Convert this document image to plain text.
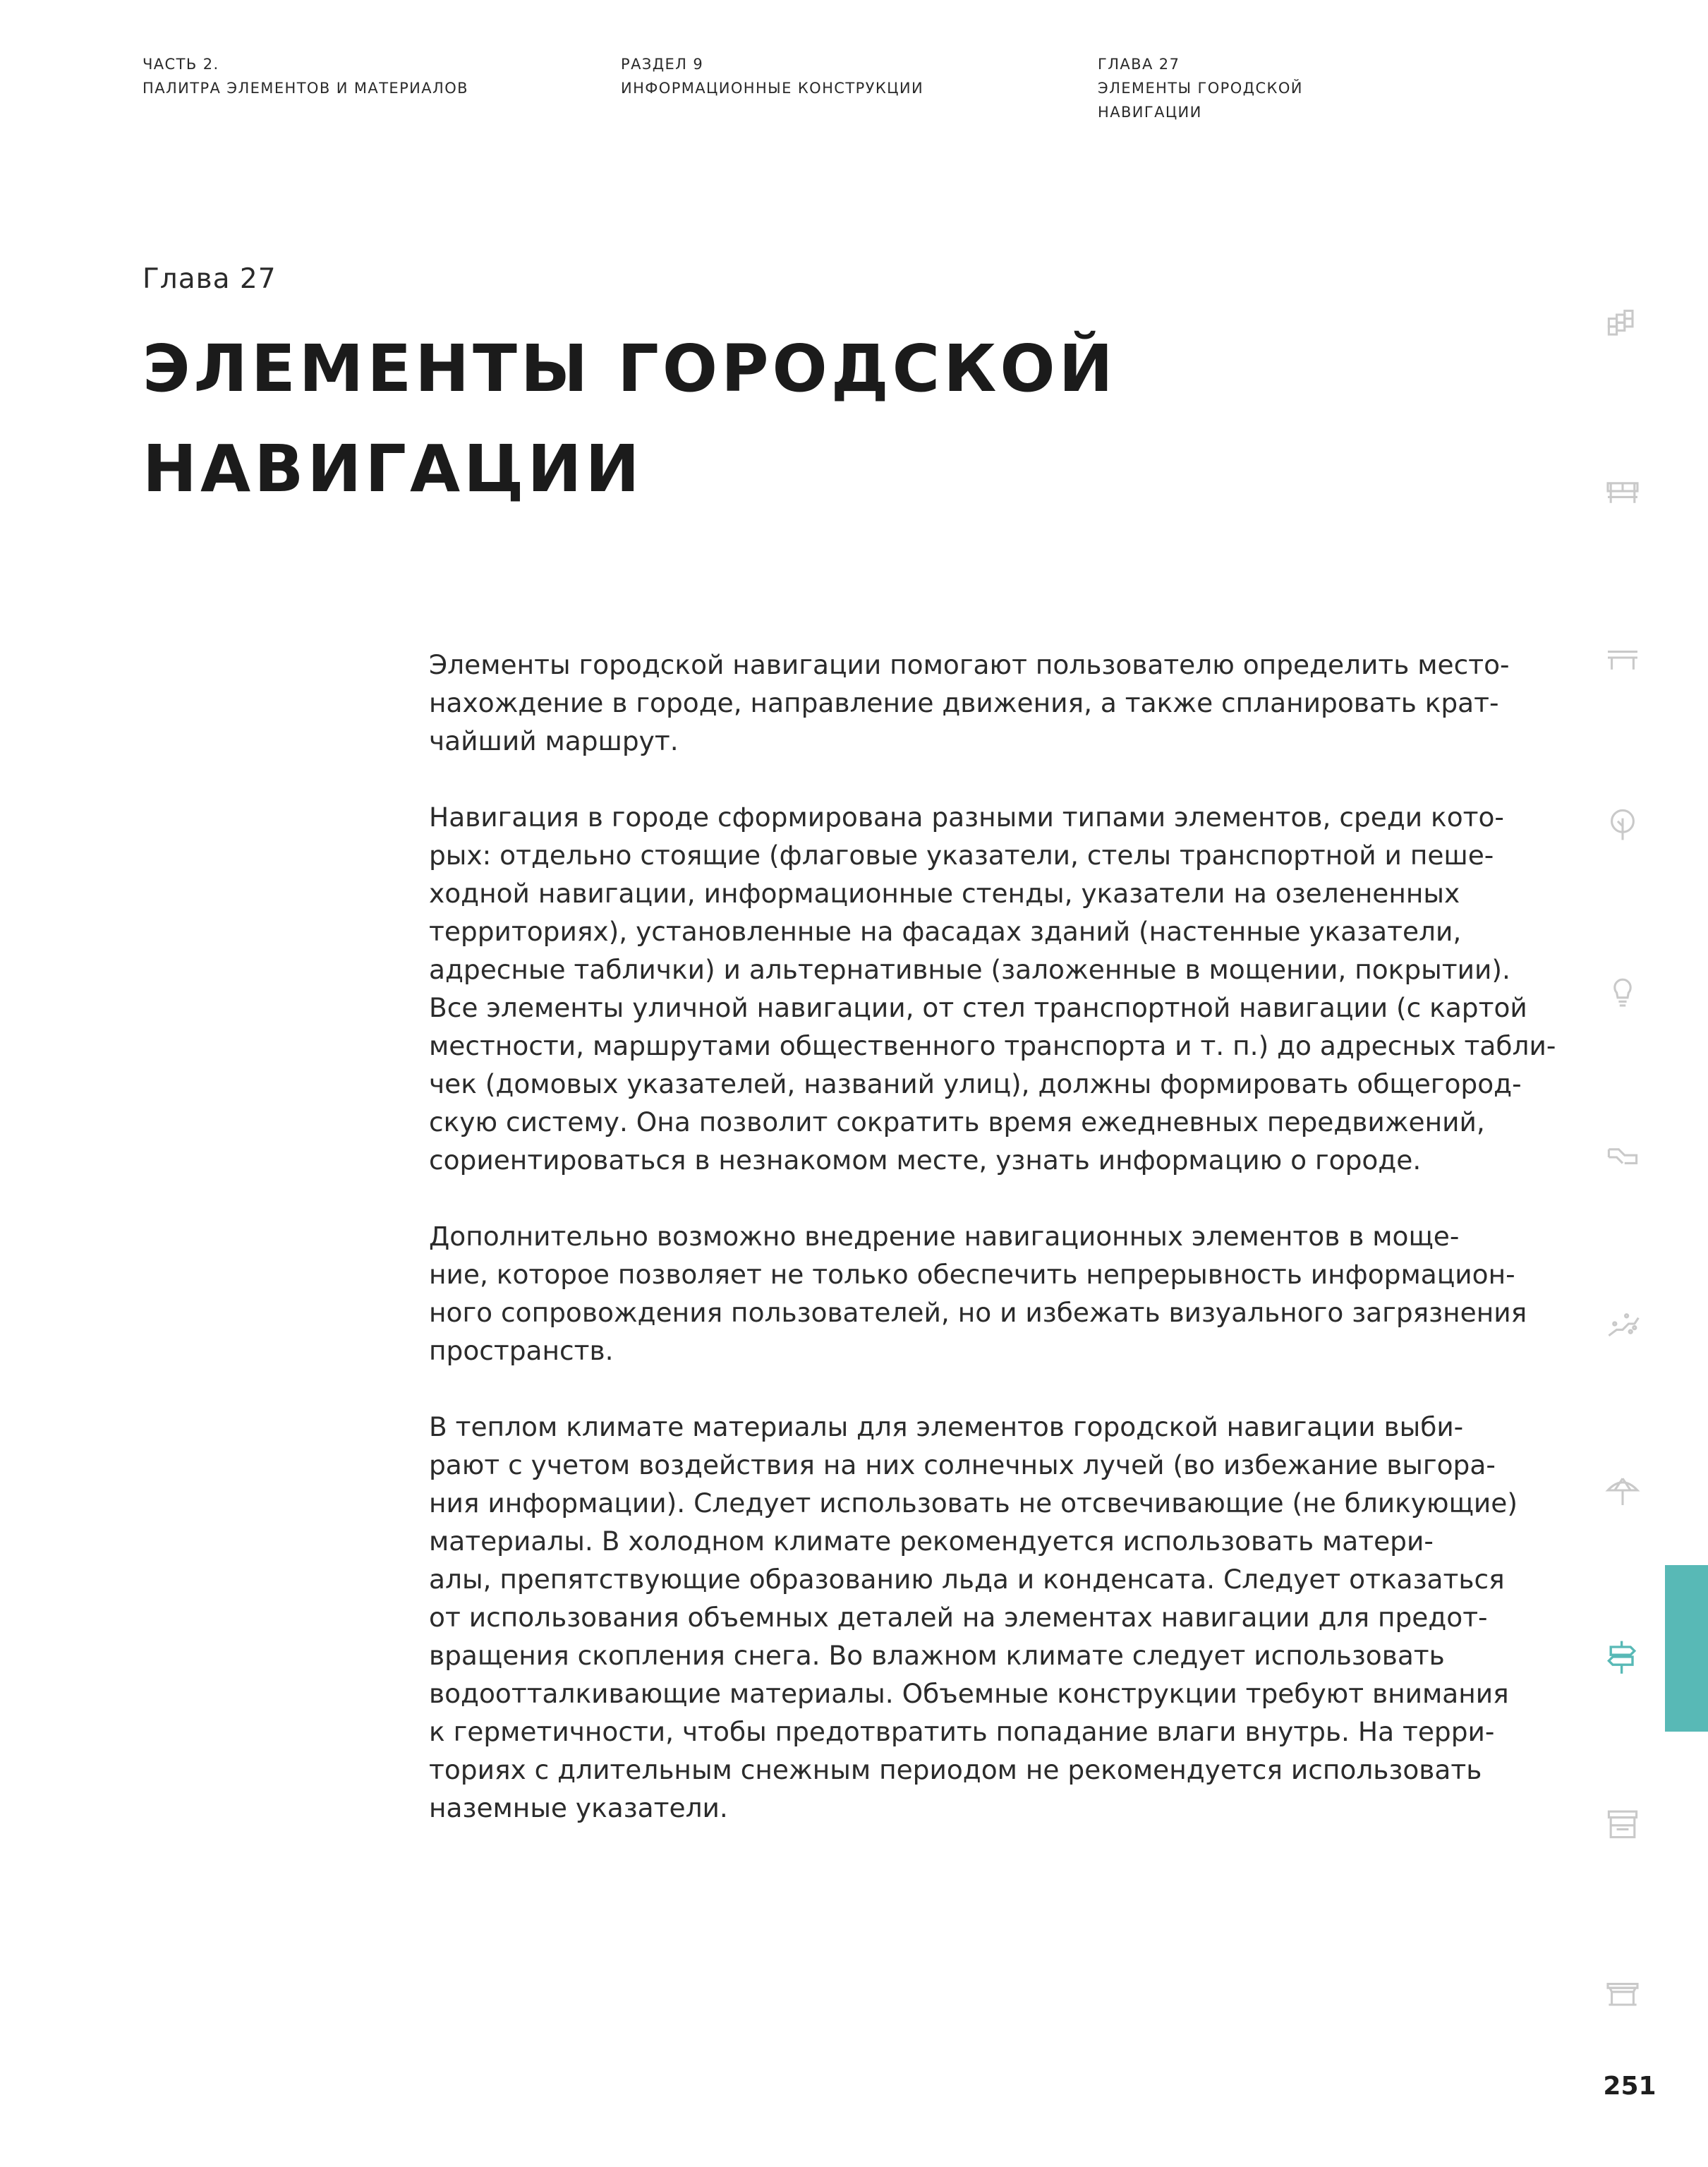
ЧАСТЬ 2.
ПАЛИТРА ЭЛЕМЕНТОВ И МАТЕРИАЛОВ
РАЗДЕЛ 9
ИНФОРМАЦИОННЫЕ КОНСТРУКЦИИ
ГЛАВА 27
ЭЛЕМЕНТЫ ГОРОДСКОЙ
НАВИГАЦИИ
Глава 27
ЭЛЕМЕНТЫ ГОРОДСКОЙ
НАВИГАЦИИ

Элементы городской навигации помогают пользователю определить место-
нахождение в городе, направление движения, а также спланировать крат-
чайший маршрут.

Навигация в городе сформирована разными типами элементов, среди кото-
рых: отдельно стоящие (флаговые указатели, стелы транспортной и пеше-
ходной навигации, информационные стенды, указатели на озелененных
территориях), установленные на фасадах зданий (настенные указатели,
адресные таблички) и альтернативные (заложенные в мощении, покрытии).
Все элементы уличной навигации, от стел транспортной навигации (с картой
местности, маршрутами общественного транспорта и т. п.) до адресных табли-
чек (домовых указателей, названий улиц), должны формировать общегород-
скую систему. Она позволит сократить время ежедневных передвижений,
сориентироваться в незнакомом месте, узнать информацию о городе.

Дополнительно возможно внедрение навигационных элементов в моще-
ние, которое позволяет не только обеспечить непрерывность информацион-
ного сопровождения пользователей, но и избежать визуального загрязнения
пространств.

В теплом климате материалы для элементов городской навигации выби-
рают с учетом воздействия на них солнечных лучей (во избежание выгора-
ния информации). Следует использовать не отсвечивающие (не бликующие)
материалы. В холодном климате рекомендуется использовать матери-
алы, препятствующие образованию льда и конденсата. Следует отказаться
от использования объемных деталей на элементах навигации для предот-
вращения скопления снега. Во влажном климате следует использовать
водоотталкивающие материалы. Объемные конструкции требуют внимания
к герметичности, чтобы предотвратить попадание влаги внутрь. На терри-
ториях с длительным снежным периодом не рекомендуется использовать
наземные указатели.

251
